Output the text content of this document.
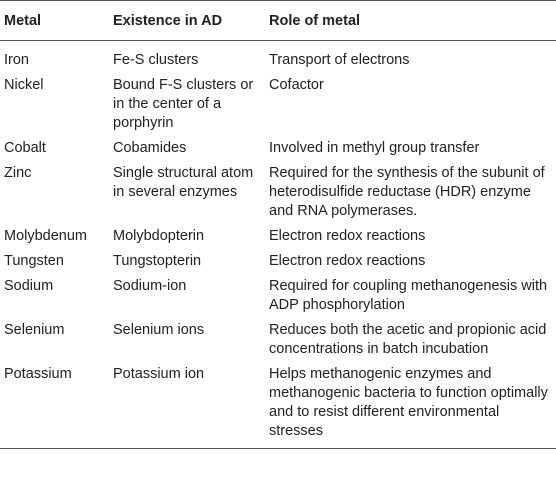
Metal	Existence in AD	Role of metal
Iron	Fe-S clusters	Transport of electrons
Nickel	Bound F-S clusters or in the center of a porphyrin	Cofactor
Cobalt	Cobamides	Involved in methyl group transfer
Zinc	Single structural atom in several enzymes	Required for the synthesis of the subunit of heterodisulfide reductase (HDR) enzyme and RNA polymerases.
Molybdenum	Molybdopterin	Electron redox reactions
Tungsten	Tungstopterin	Electron redox reactions
Sodium	Sodium-ion	Required for coupling methanogenesis with ADP phosphorylation
Selenium	Selenium ions	Reduces both the acetic and propionic acid concentrations in batch incubation
Potassium	Potassium ion	Helps methanogenic enzymes and methanogenic bacteria to function optimally and to resist different environmental stresses
